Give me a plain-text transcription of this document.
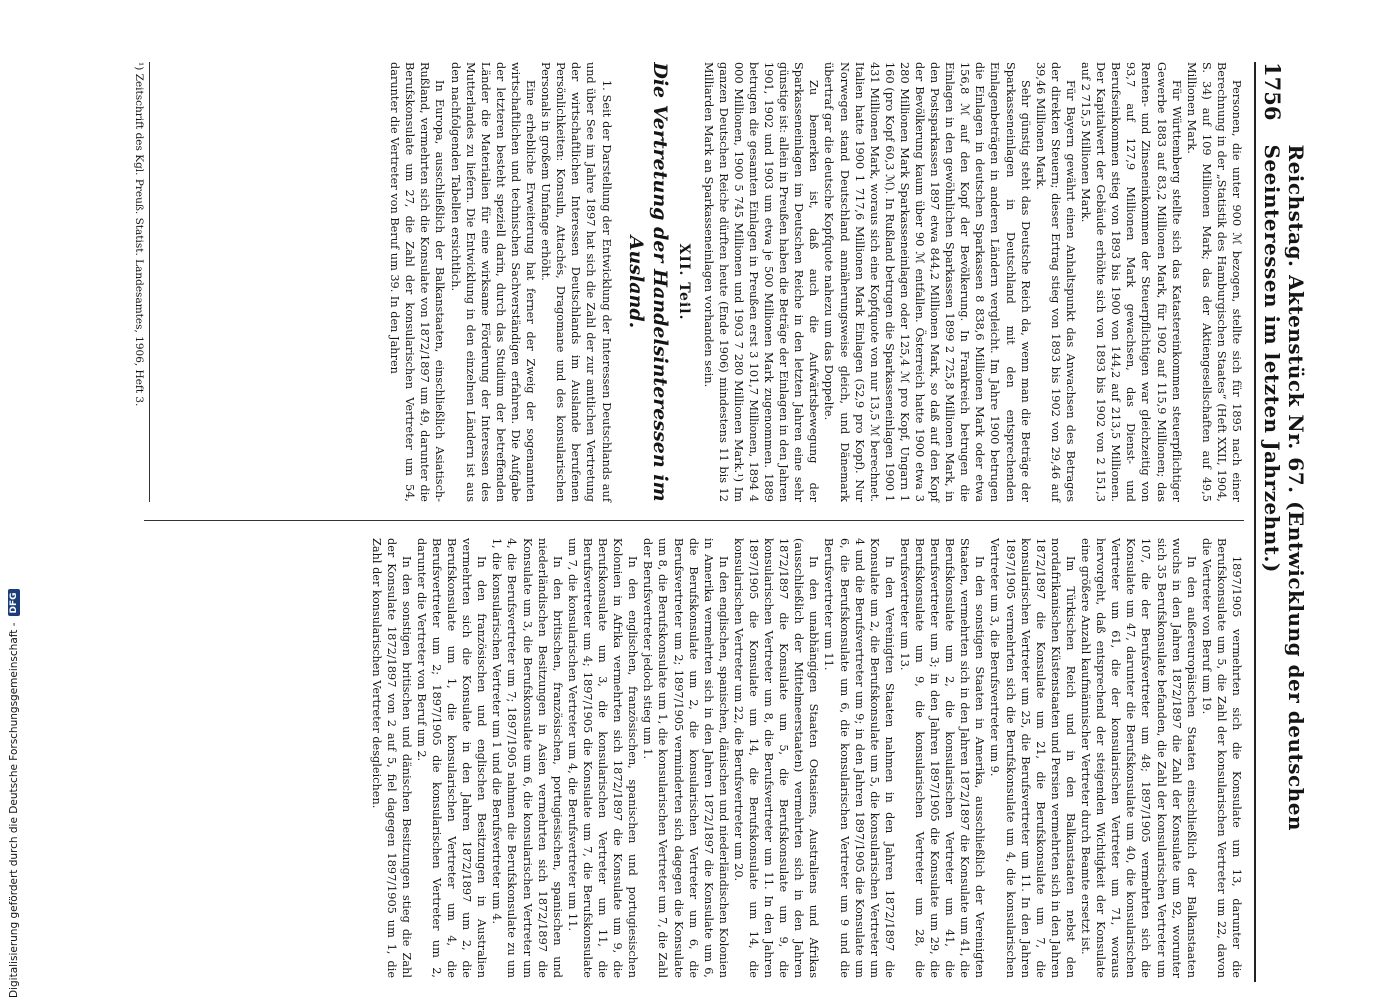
1756
Reichstag. Aktenstück Nr. 67. (Entwicklung der deutschen Seeinteressen im letzten Jahrzehnt.)

Personen, die unter 900 ℳ bezogen, stellte sich für 1895 nach einer Berechnung in der „Statistik des Hamburgischen Staates“ (Heft XXII, 1904, S. 34) auf 109 Millionen Mark; das der Aktiengesellschaften auf 49,5 Millionen Mark.

Für Württemberg stellte sich das Katastereinkommen steuerpflichtiger Gewerbe 1883 auf 83,2 Millionen Mark, für 1902 auf 115,9 Millionen; das Renten- und Zinseneinkommen der Steuerpflichtigen war gleichzeitig von 93,7 auf 127,9 Millionen Mark gewachsen, das Dienst- und Berufseinkommen stieg von 1893 bis 1900 von 144,2 auf 213,5 Millionen. Der Kapitalwert der Gebäude erhöhte sich von 1893 bis 1902 von 2 151,3 auf 2 715,5 Millionen Mark.

Für Bayern gewährt einen Anhaltspunkt das Anwachsen des Betrages der direkten Steuern; dieser Ertrag stieg von 1893 bis 1902 von 29,46 auf 39,46 Millionen Mark.

Sehr günstig steht das Deutsche Reich da, wenn man die Beträge der Sparkasseneinlagen in Deutschland mit den entsprechenden Einlagenbeträgen in anderen Ländern vergleicht. Im Jahre 1900 betrugen die Einlagen in deutschen Sparkassen 8 838,6 Millionen Mark oder etwa 156,8 ℳ auf den Kopf der Bevölkerung. In Frankreich betrugen die Einlagen in den gewöhnlichen Sparkassen 1899 2 725,8 Millionen Mark, in den Postsparkassen 1897 etwa 844,2 Millionen Mark, so daß auf den Kopf der Bevölkerung kaum über 90 ℳ entfallen. Österreich hatte 1900 etwa 3 280 Millionen Mark Sparkasseneinlagen oder 125,4 ℳ pro Kopf, Ungarn 1 160 (pro Kopf 60,3 ℳ). In Rußland betrugen die Sparkasseneinlagen 1900 1 431 Millionen Mark, woraus sich eine Kopfquote von nur 13,5 ℳ berechnet. Italien hatte 1900 1 717,6 Millionen Mark Einlagen (52,9 pro Kopf). Nur Norwegen stand Deutschland annäherungsweise gleich, und Dänemark übertraf gar die deutsche Kopfquote nahezu um das Doppelte.

Zu bemerken ist, daß auch die Aufwärtsbewegung der Sparkasseneinlagen im Deutschen Reiche in den letzten Jahren eine sehr günstige ist: allein in Preußen haben die Beträge der Einlagen in den Jahren 1901, 1902 und 1903 um etwa je 500 Millionen Mark zugenommen. 1889 betrugen die gesamten Einlagen in Preußen erst 3 101,7 Millionen, 1894 4 000 Millionen, 1900 5 745 Millionen und 1903 7 280 Millionen Mark.¹) Im ganzen Deutschen Reiche dürften heute (Ende 1906) mindestens 11 bis 12 Milliarden Mark an Sparkasseneinlagen vorhanden sein.

XII. Teil.
Die Vertretung der Handelsinteressen im Ausland.

1. Seit der Darstellung der Entwicklung der Interessen Deutschlands auf und über See im Jahre 1897 hat sich die Zahl der zur amtlichen Vertretung der wirtschaftlichen Interessen Deutschlands im Auslande berufenen Persönlichkeiten: Konsuln, Attachés, Dragomane und des konsularischen Personals in großem Umfange erhöht.

Eine erhebliche Erweiterung hat ferner der Zweig der sogenannten wirtschaftlichen und technischen Sachverständigen erfahren. Die Aufgabe der letzteren besteht speziell darin, durch das Studium der betreffenden Länder die Materialien für eine wirksame Förderung der Interessen des Mutterlandes zu liefern. Die Entwicklung in den einzelnen Ländern ist aus den nachfolgenden Tabellen ersichtlich.

In Europa, ausschließlich der Balkanstaaten, einschließlich Asiatisch-Rußland, vermehrten sich die Konsulate von 1872/1897 um 49, darunter die Berufskonsulate um 27, die Zahl der konsularischen Vertreter um 54, darunter die Vertreter von Beruf um 39. In den Jahren

¹) Zeitschrift des Kgl. Preuß. Statist. Landesamtes, 1906, Heft 3.

1897/1905 vermehrten sich die Konsulate um 13, darunter die Berufskonsulate um 5, die Zahl der konsularischen Vertreter um 22, davon die Vertreter von Beruf um 19.

In den außereuropäischen Staaten einschließlich der Balkanstaaten wuchs in den Jahren 1872/1897 die Zahl der Konsulate um 92, worunter sich 35 Berufskonsulate befanden, die Zahl der konsularischen Vertreter um 107, die der Berufsvertreter um 48; 1897/1905 vermehrten sich die Konsulate um 47, darunter die Berufskonsulate um 40, die konsularischen Vertreter um 61, die der konsularischen Vertreter um 71, woraus hervorgeht, daß entsprechend der steigenden Wichtigkeit der Konsulate eine größere Anzahl kaufmännischer Vertreter durch Beamte ersetzt ist.

Im Türkischen Reich und in den Balkanstaaten nebst den nordafrikanischen Küstenstaaten und Persien vermehrten sich in den Jahren 1872/1897 die Konsulate um 21, die Berufskonsulate um 7, die konsularischen Vertreter um 25, die Berufsvertreter um 11. In den Jahren 1897/1905 vermehrten sich die Berufskonsulate um 4, die konsularischen Vertreter um 3, die Berufsvertreter um 9.

In den sonstigen Staaten in Amerika, ausschließlich der Vereinigten Staaten, vermehrten sich in den Jahren 1872/1897 die Konsulate um 41, die Berufskonsulate um 2, die konsularischen Vertreter um 41, die Berufsvertreter um 3; in den Jahren 1897/1905 die Konsulate um 29, die Berufskonsulate um 9, die konsularischen Vertreter um 28, die Berufsvertreter um 13.

In den Vereinigten Staaten nahmen in den Jahren 1872/1897 die Konsulate um 2, die Berufskonsulate um 5, die konsularischen Vertreter um 4 und die Berufsvertreter um 9; in den Jahren 1897/1905 die Konsulate um 6, die Berufskonsulate um 6, die konsularischen Vertreter um 9 und die Berufsvertreter um 11.

In den unabhängigen Staaten Ostasiens, Australiens und Afrikas (ausschließlich der Mittelmeerstaaten) vermehrten sich in den Jahren 1872/1897 die Konsulate um 5, die Berufskonsulate um 9, die konsularischen Vertreter um 8, die Berufsvertreter um 11. In den Jahren 1897/1905 die Konsulate um 14, die Berufskonsulate um 14, die konsularischen Vertreter um 22, die Berufsvertreter um 20.

In den englischen, spanischen, dänischen und niederländischen Kolonien in Amerika vermehrten sich in den Jahren 1872/1897 die Konsulate um 6, die Berufskonsulate um 2, die konsularischen Vertreter um 6, die Berufsvertreter um 2; 1897/1905 verminderten sich dagegen die Konsulate um 8, die Berufskonsulate um 1, die konsularischen Vertreter um 7, die Zahl der Berufsvertreter jedoch stieg um 1.

In den englischen, französischen, spanischen und portugiesischen Kolonien in Afrika vermehrten sich 1872/1897 die Konsulate um 9, die Berufskonsulate um 3, die konsularischen Vertreter um 11, die Berufsvertreter um 4; 1897/1905 die Konsulate um 7, die Berufskonsulate um 7, die konsularischen Vertreter um 4, die Berufsvertreter um 11.

In den britischen, französischen, portugiesischen, spanischen und niederländischen Besitzungen in Asien vermehrten sich 1872/1897 die Konsulate um 3, die Berufskonsulate um 6, die konsularischen Vertreter um 4, die Berufsvertreter um 7; 1897/1905 nahmen die Berufskonsulate zu um 1, die konsularischen Vertreter um 1 und die Berufsvertreter um 4.

In den französischen und englischen Besitzungen in Australien vermehrten sich die Konsulate in den Jahren 1872/1897 um 2, die Berufskonsulate um 1, die konsularischen Vertreter um 4, die Berufsvertreter um 2; 1897/1905 die konsularischen Vertreter um 2, darunter die Vertreter von Beruf um 2.

In den sonstigen britischen und dänischen Besitzungen stieg die Zahl der Konsulate 1872/1897 von 2 auf 5, fiel dagegen 1897/1905 um 1, die Zahl der konsularischen Vertreter desgleichen.

Digitalisierung gefördert durch die Deutsche Forschungsgemeinschaft -
DFG
